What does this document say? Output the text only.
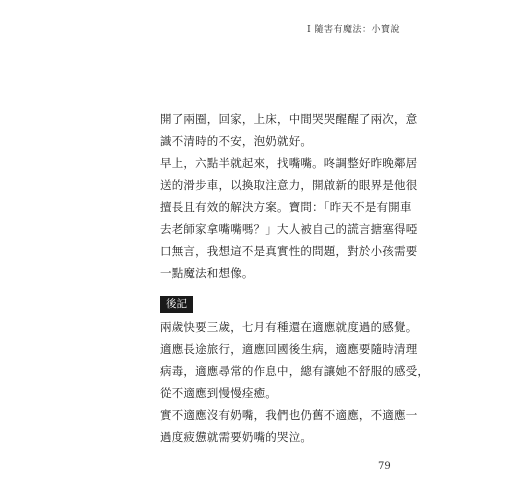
I 隨害有魔法：小寶說

開了兩圈，回家，上床，中間哭哭醒醒了兩次，意
識不清時的不安，泡奶就好。

早上，六點半就起來，找嘴嘴。咚調整好昨晚鄰居
送的滑步車，以換取注意力，開啟新的眼界是他很
擅長且有效的解決方案。寶問：「昨天不是有開車
去老師家拿嘴嘴嗎？」大人被自己的謊言搪塞得啞
口無言，我想這不是真實性的問題，對於小孩需要
一點魔法和想像。

後記

兩歲快要三歲，七月有種還在適應就度過的感覺。

適應長途旅行，適應回國後生病，適應要隨時清理
病毒，適應尋常的作息中，總有讓她不舒服的感受，
從不適應到慢慢痊癒。

實不適應沒有奶嘴，我們也仍舊不適應，不適應一
過度疲憊就需要奶嘴的哭泣。

79
